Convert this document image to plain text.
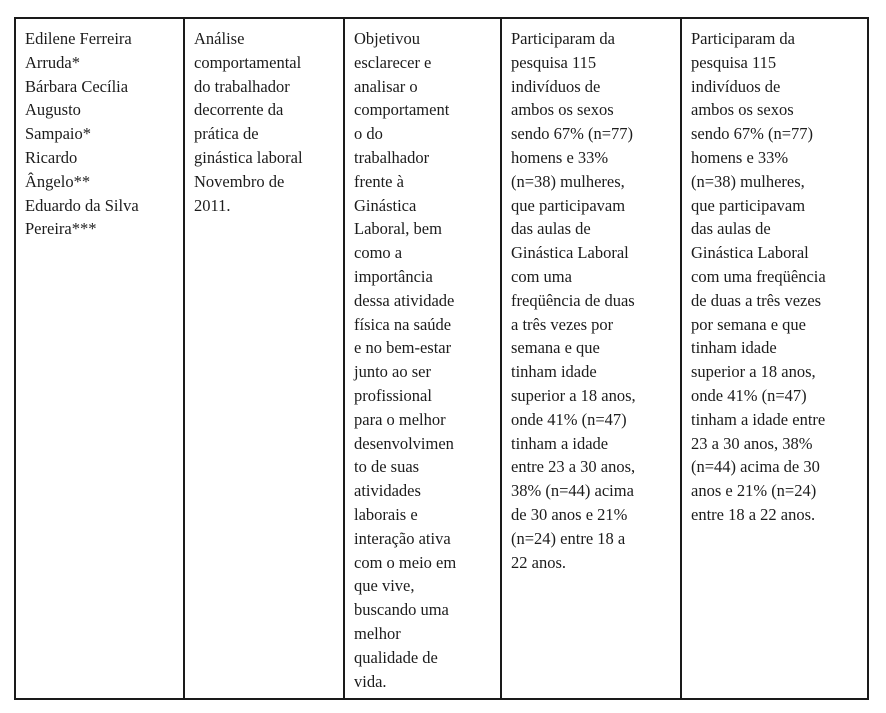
Edilene Ferreira
Arruda*
Bárbara Cecília
Augusto
Sampaio*
Ricardo
Ângelo**
Eduardo da Silva
Pereira***
Análise
comportamental
do trabalhador
decorrente da
prática de
ginástica laboral
Novembro de
2011.
Objetivou
esclarecer e
analisar o
comportament
o do
trabalhador
frente à
Ginástica
Laboral, bem
como a
importância
dessa atividade
física na saúde
e no bem-estar
junto ao ser
profissional
para o melhor
desenvolvimen
to de suas
atividades
laborais e
interação ativa
com o meio em
que vive,
buscando uma
melhor
qualidade de
vida.
Participaram da
pesquisa 115
indivíduos de
ambos os sexos
sendo 67% (n=77)
homens e 33%
(n=38) mulheres,
que participavam
das aulas de
Ginástica Laboral
com uma
freqüência de duas
a três vezes por
semana e que
tinham idade
superior a 18 anos,
onde 41% (n=47)
tinham a idade
entre 23 a 30 anos,
38% (n=44) acima
de 30 anos e 21%
(n=24) entre 18 a
22 anos.
Participaram da
pesquisa 115
indivíduos de
ambos os sexos
sendo 67% (n=77)
homens e 33%
(n=38) mulheres,
que participavam
das aulas de
Ginástica Laboral
com uma freqüência
de duas a três vezes
por semana e que
tinham idade
superior a 18 anos,
onde 41% (n=47)
tinham a idade entre
23 a 30 anos, 38%
(n=44) acima de 30
anos e 21% (n=24)
entre 18 a 22 anos.
